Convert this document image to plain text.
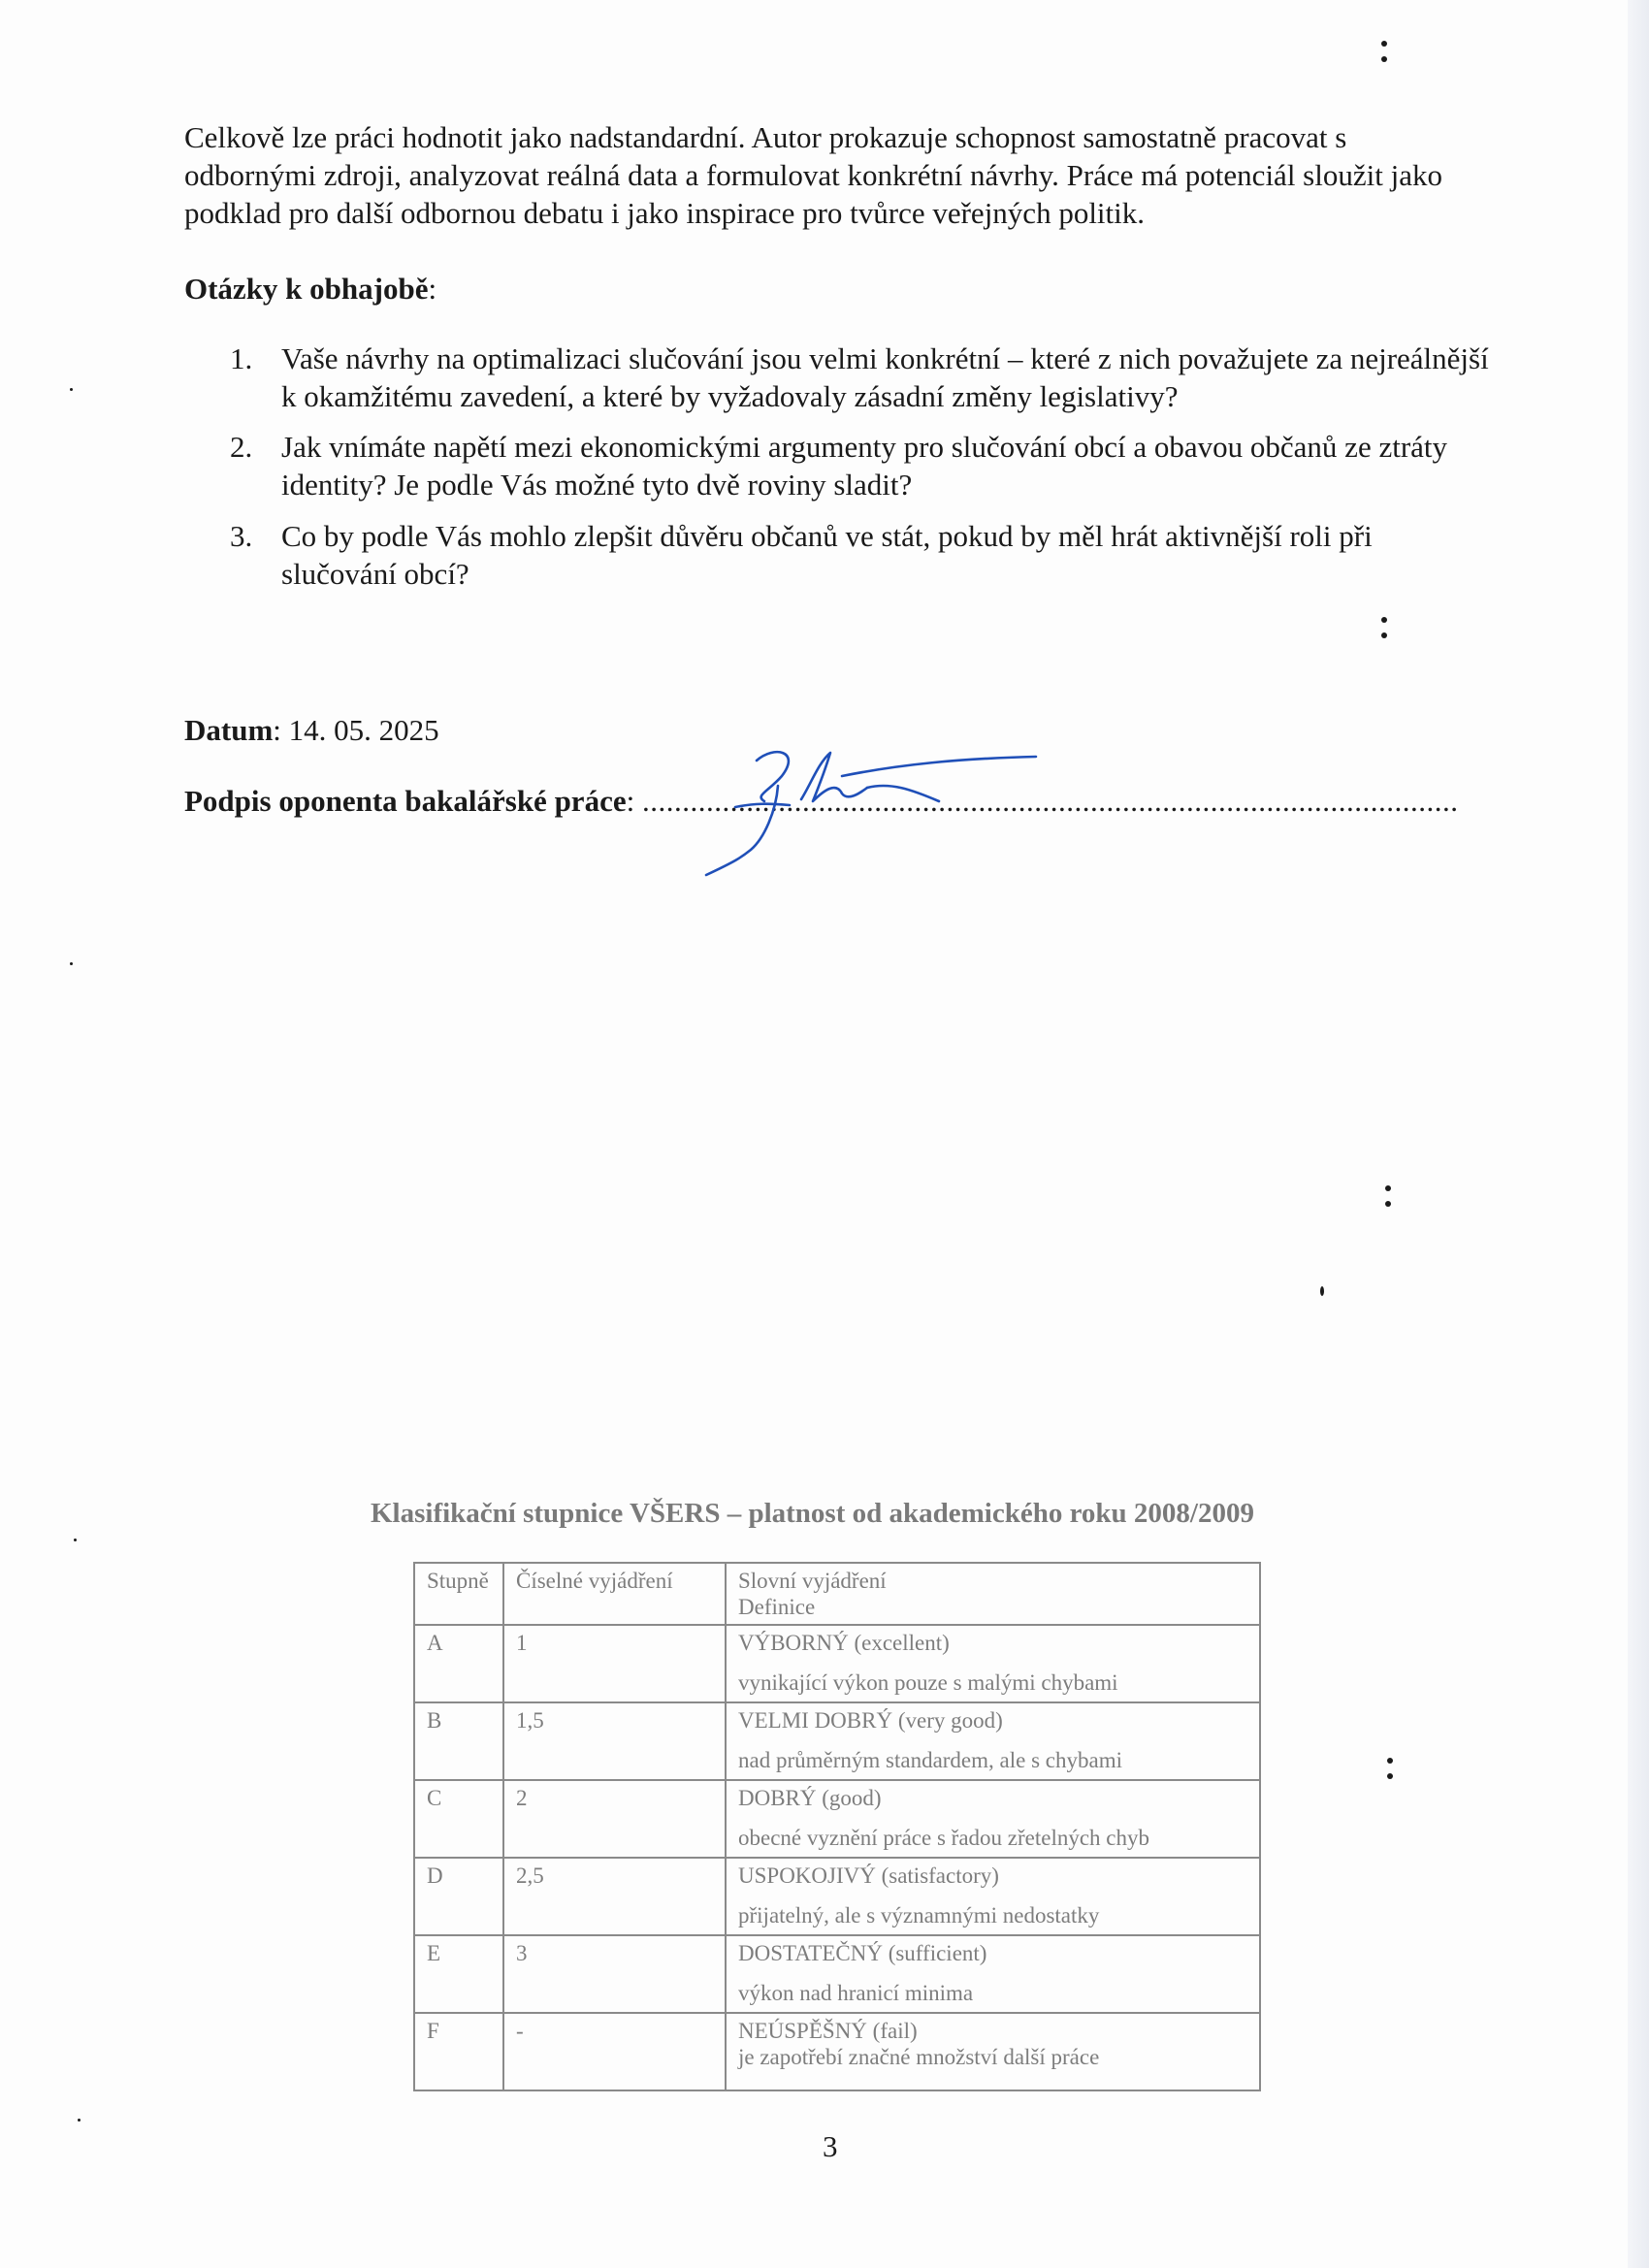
Celkově lze práci hodnotit jako nadstandardní. Autor prokazuje schopnost samostatně pracovat s odbornými zdroji, analyzovat reálná data a formulovat konkrétní návrhy. Práce má potenciál sloužit jako podklad pro další odbornou debatu i jako inspirace pro tvůrce veřejných politik.
Otázky k obhajobě:
1. Vaše návrhy na optimalizaci slučování jsou velmi konkrétní – které z nich považujete za nejreálnější k okamžitému zavedení, a které by vyžadovaly zásadní změny legislativy?
2. Jak vnímáte napětí mezi ekonomickými argumenty pro slučování obcí a obavou občanů ze ztráty identity? Je podle Vás možné tyto dvě roviny sladit?
3. Co by podle Vás mohlo zlepšit důvěru občanů ve stát, pokud by měl hrát aktivnější roli při slučování obcí?
Datum: 14. 05. 2025
Podpis oponenta bakalářské práce: ......................................................................................................
Klasifikační stupnice VŠERS – platnost od akademického roku 2008/2009
Stupně	Číselné vyjádření	Slovní vyjádření
Definice

A	1	VÝBORNÝ (excellent)
vynikající výkon pouze s malými chybami

B	1,5	VELMI DOBRÝ (very good)
nad průměrným standardem, ale s chybami

C	2	DOBRÝ (good)
obecné vyznění práce s řadou zřetelných chyb

D	2,5	USPOKOJIVÝ (satisfactory)
přijatelný, ale s významnými nedostatky

E	3	DOSTATEČNÝ (sufficient)
výkon nad hranicí minima

F	-	NEÚSPĚŠNÝ (fail)
je zapotřebí značné množství další práce
3
